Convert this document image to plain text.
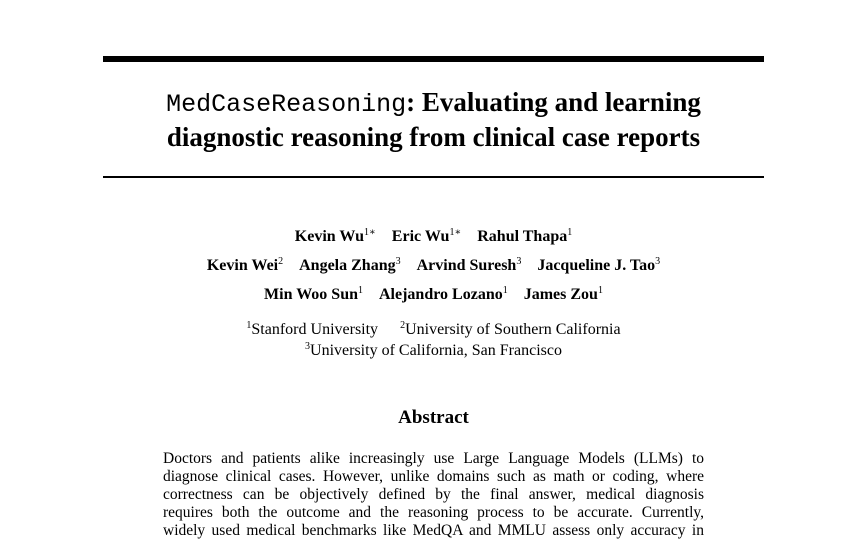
MedCaseReasoning: Evaluating and learning
diagnostic reasoning from clinical case reports
Kevin $Wu^{1∗}$ Eric $Wu^{1∗}$ Rahul Thapa$^1$
Kevin Wei$^2$ Angela Zhang$^3$ Arvind Suresh$^3$ Jacqueline J. Tao$^3$
Min Woo Sun$^1$ Alejandro Lozano$^1$ James Zou$^1$
$^1$Stanford University $^2$University of Southern California
$^3$University of California, San Francisco
Abstract
Doctors and patients alike increasingly use Large Language Models (LLMs) to
diagnose clinical cases. However, unlike domains such as math or coding, where
correctness can be objectively defined by the final answer, medical diagnosis
requires both the outcome and the reasoning process to be accurate. Currently,
widely used medical benchmarks like MedQA and MMLU assess only accuracy in
